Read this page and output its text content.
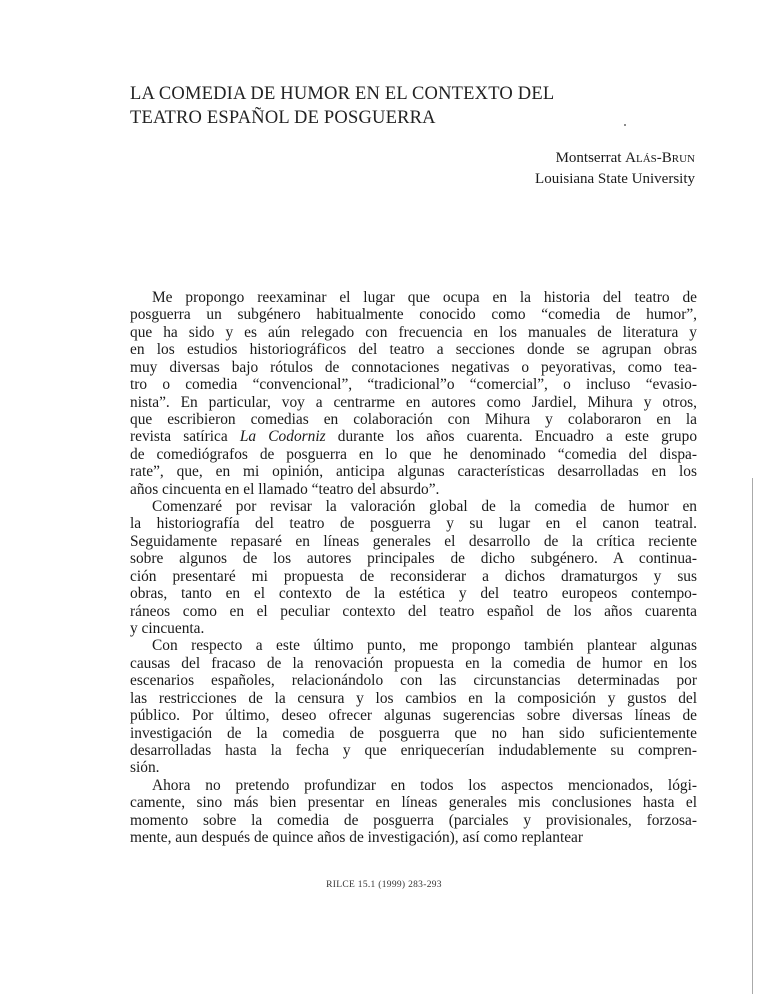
LA COMEDIA DE HUMOR EN EL CONTEXTO DEL
TEATRO ESPAÑOL DE POSGUERRA
Montserrat Alás-Brun
Louisiana State University
Me propongo reexaminar el lugar que ocupa en la historia del teatro de
posguerra un subgénero habitualmente conocido como “comedia de humor”,
que ha sido y es aún relegado con frecuencia en los manuales de literatura y
en los estudios historiográficos del teatro a secciones donde se agrupan obras
muy diversas bajo rótulos de connotaciones negativas o peyorativas, como tea-
tro o comedia “convencional”, “tradicional”o “comercial”, o incluso “evasio-
nista”. En particular, voy a centrarme en autores como Jardiel, Mihura y otros,
que escribieron comedias en colaboración con Mihura y colaboraron en la
revista satírica La Codorniz durante los años cuarenta. Encuadro a este grupo
de comediógrafos de posguerra en lo que he denominado “comedia del dispa-
rate”, que, en mi opinión, anticipa algunas características desarrolladas en los
años cincuenta en el llamado “teatro del absurdo”.
Comenzaré por revisar la valoración global de la comedia de humor en
la historiografía del teatro de posguerra y su lugar en el canon teatral.
Seguidamente repasaré en líneas generales el desarrollo de la crítica reciente
sobre algunos de los autores principales de dicho subgénero. A continua-
ción presentaré mi propuesta de reconsiderar a dichos dramaturgos y sus
obras, tanto en el contexto de la estética y del teatro europeos contempo-
ráneos como en el peculiar contexto del teatro español de los años cuarenta
y cincuenta.
Con respecto a este último punto, me propongo también plantear algunas
causas del fracaso de la renovación propuesta en la comedia de humor en los
escenarios españoles, relacionándolo con las circunstancias determinadas por
las restricciones de la censura y los cambios en la composición y gustos del
público. Por último, deseo ofrecer algunas sugerencias sobre diversas líneas de
investigación de la comedia de posguerra que no han sido suficientemente
desarrolladas hasta la fecha y que enriquecerían indudablemente su compren-
sión.
Ahora no pretendo profundizar en todos los aspectos mencionados, lógi-
camente, sino más bien presentar en líneas generales mis conclusiones hasta el
momento sobre la comedia de posguerra (parciales y provisionales, forzosa-
mente, aun después de quince años de investigación), así como replantear
RILCE 15.1 (1999) 283-293
